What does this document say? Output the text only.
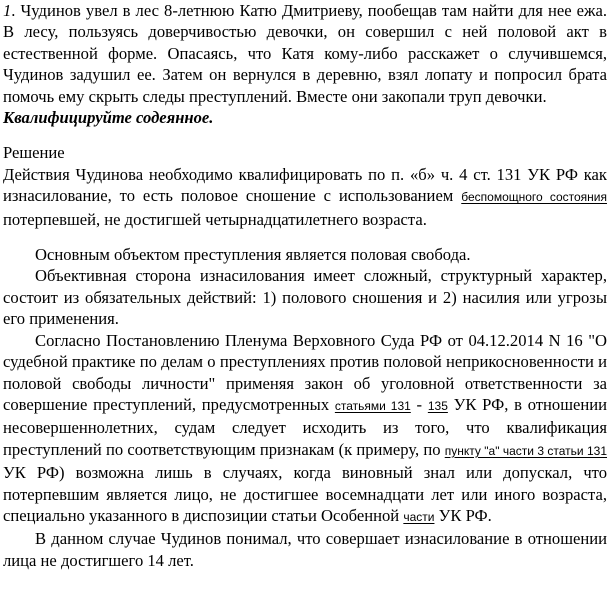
1. Чудинов увел в лес 8-летнюю Катю Дмитриеву, пообещав там найти для нее ежа. В лесу, пользуясь доверчивостью девочки, он совершил с ней половой акт в естественной форме. Опасаясь, что Катя кому-либо расскажет о случившемся, Чудинов задушил ее. Затем он вернулся в деревню, взял лопату и попросил брата помочь ему скрыть следы преступлений. Вместе они закопали труп девочки.

Квалифицируйте содеянное.

Решение

Действия Чудинова необходимо квалифицировать по п. «б» ч. 4 ст. 131 УК РФ как изнасилование, то есть половое сношение с использованием беспомощного состояния потерпевшей, не достигшей четырнадцатилетнего возраста.

Основным объектом преступления является половая свобода.

Объективная сторона изнасилования имеет сложный, структурный характер, состоит из обязательных действий: 1) полового сношения и 2) насилия или угрозы его применения.

Согласно Постановлению Пленума Верховного Суда РФ от 04.12.2014 N 16 "О судебной практике по делам о преступлениях против половой неприкосновенности и половой свободы личности" применяя закон об уголовной ответственности за совершение преступлений, предусмотренных статьями 131 - 135 УК РФ, в отношении несовершеннолетних, судам следует исходить из того, что квалификация преступлений по соответствующим признакам (к примеру, по пункту "а" части 3 статьи 131 УК РФ) возможна лишь в случаях, когда виновный знал или допускал, что потерпевшим является лицо, не достигшее восемнадцати лет или иного возраста, специально указанного в диспозиции статьи Особенной части УК РФ.

В данном случае Чудинов понимал, что совершает изнасилование в отношении лица не достигшего 14 лет.
